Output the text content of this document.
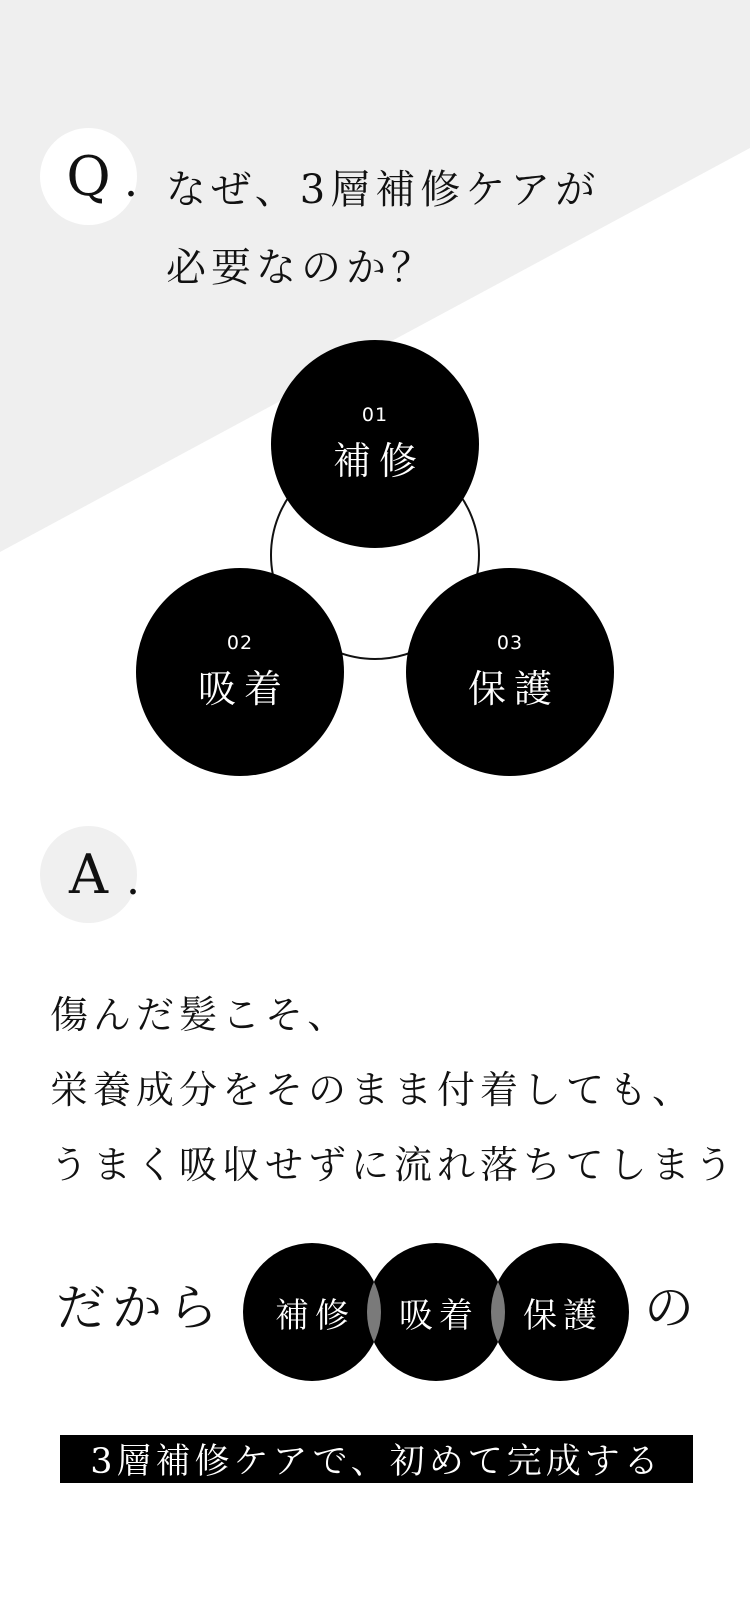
Q . なぜ、3層補修ケアが
必要なのか？
01
補修
02
吸着
03
保護
A .
傷んだ髪こそ、
栄養成分をそのまま付着しても、
うまく吸収せずに流れ落ちてしまう
だから	補修	吸着	保護 の
3層補修ケアで、初めて完成する
